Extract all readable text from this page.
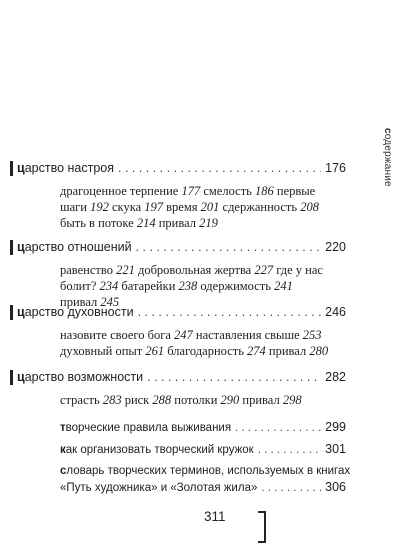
содержание
ц арство настроя . . .	176
драгоценное терпение 177 смелость 186 первые шаги 192 скука 197 время 201 сдержанность 208 быть в потоке 214 привал 219
ц арство отношений . . .	220
равенство 221 добровольная жертва 227 где у нас болит? 234 батарейки 238 одержимость 241 привал 245
ц арство духовности . . .	246
назовите своего бога 247 наставления свыше 253 духовный опыт 261 благодарность 274 привал 280
ц арство возможности . . .	282
страсть 283 риск 288 потолки 290 привал 298
т ворческие правила выживания . . .	299
к ак организовать творческий кружок . . .	301
с ловарь творческих терминов, используемых в книгах
«Путь художника» и «Золотая жила» . . .	306
311
